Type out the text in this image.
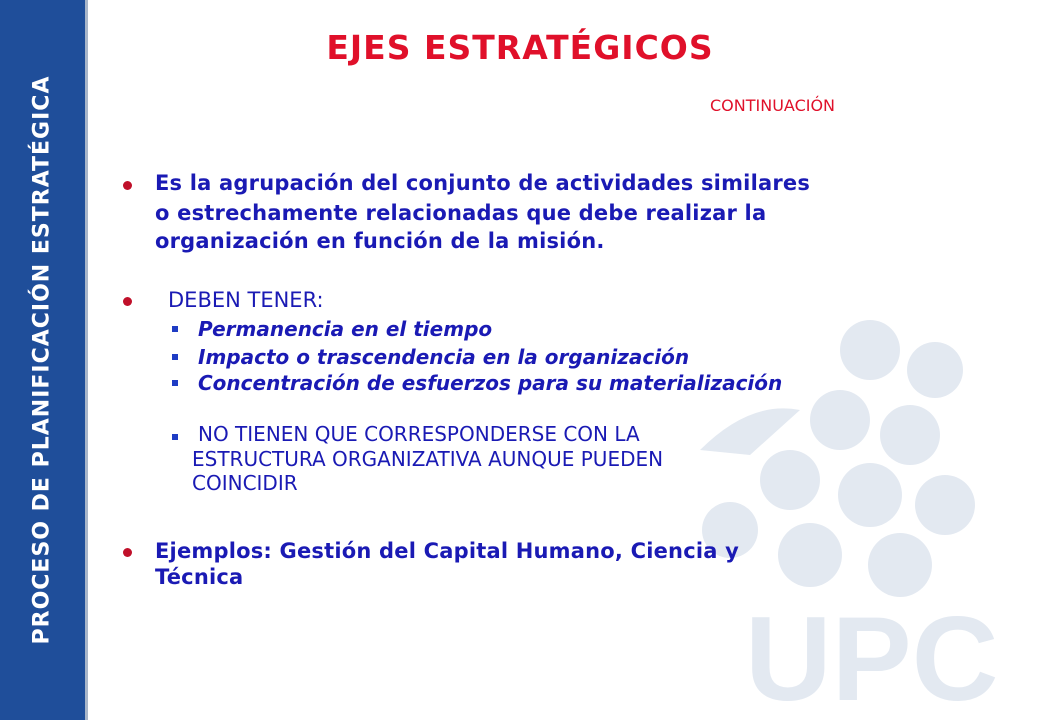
PROCESO DE PLANIFICACIÓN ESTRATÉGICA
UPC
EJES ESTRATÉGICOS
CONTINUACIÓN
Es la agrupación del conjunto de actividades similares
o estrechamente relacionadas que debe realizar la
organización en función de la misión.
DEBEN TENER:
Permanencia en el tiempo
Impacto o trascendencia en la organización
Concentración de esfuerzos para su materialización
NO TIENEN QUE CORRESPONDERSE CON LA
ESTRUCTURA ORGANIZATIVA AUNQUE PUEDEN
COINCIDIR
Ejemplos: Gestión del Capital Humano, Ciencia y
Técnica
